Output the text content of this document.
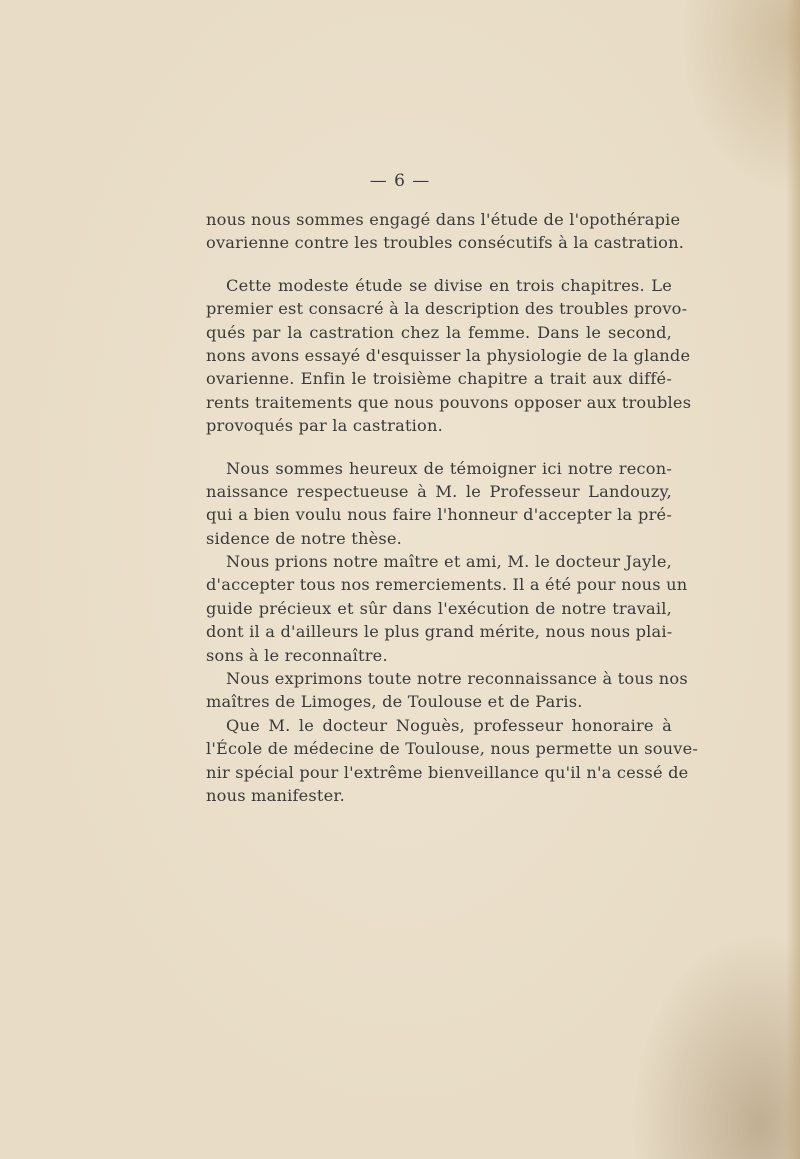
— 6 —
nous nous sommes engagé dans l'étude de l'opothérapie
ovarienne contre les troubles consécutifs à la castration.
Cette modeste étude se divise en trois chapitres. Le
premier est consacré à la description des troubles provo-
qués par la castration chez la femme. Dans le second,
nons avons essayé d'esquisser la physiologie de la glande
ovarienne. Enfin le troisième chapitre a trait aux diffé-
rents traitements que nous pouvons opposer aux troubles
provoqués par la castration.
Nous sommes heureux de témoigner ici notre recon-
naissance respectueuse à M. le Professeur Landouzy,
qui a bien voulu nous faire l'honneur d'accepter la pré-
sidence de notre thèse.
Nous prions notre maître et ami, M. le docteur Jayle,
d'accepter tous nos remerciements. Il a été pour nous un
guide précieux et sûr dans l'exécution de notre travail,
dont il a d'ailleurs le plus grand mérite, nous nous plai-
sons à le reconnaître.
Nous exprimons toute notre reconnaissance à tous nos
maîtres de Limoges, de Toulouse et de Paris.
Que M. le docteur Noguès, professeur honoraire à
l'École de médecine de Toulouse, nous permette un souve-
nir spécial pour l'extrême bienveillance qu'il n'a cessé de
nous manifester.
